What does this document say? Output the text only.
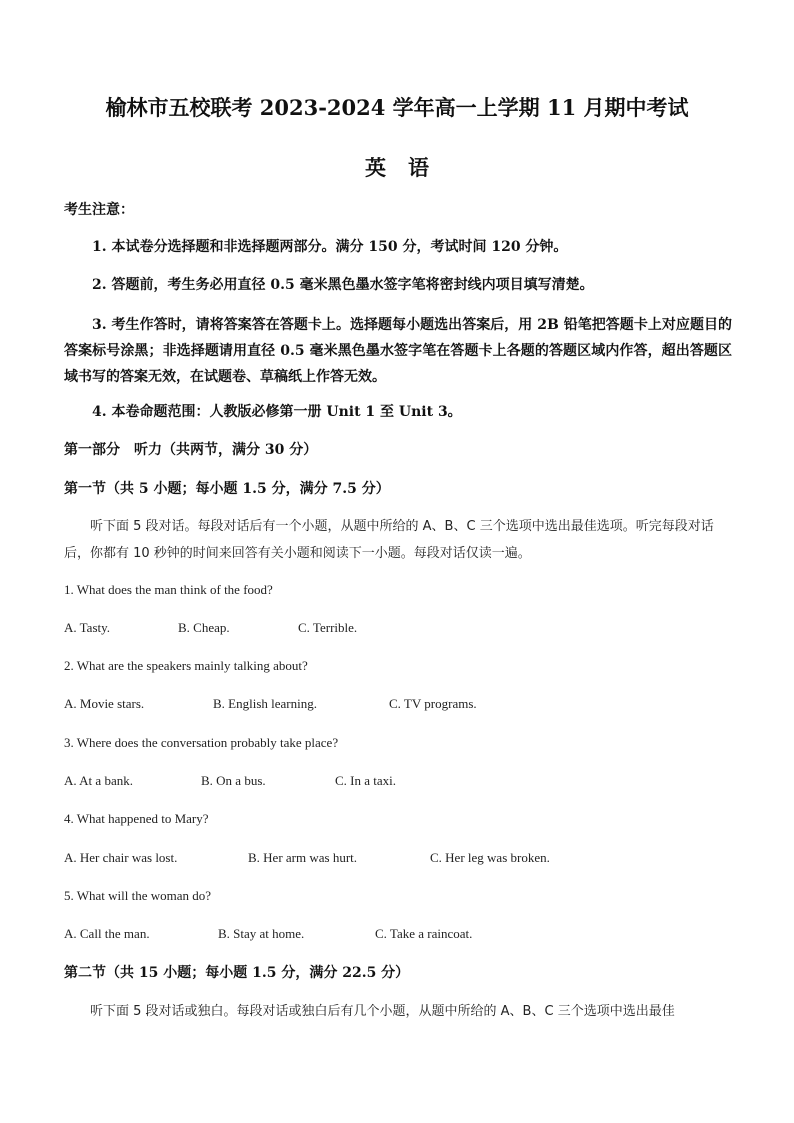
榆林市五校联考 2023-2024 学年高一上学期 11 月期中考试
英语
考生注意：
1. 本试卷分选择题和非选择题两部分。满分 150 分，考试时间 120 分钟。
2. 答题前，考生务必用直径 0.5 毫米黑色墨水签字笔将密封线内项目填写清楚。
3. 考生作答时，请将答案答在答题卡上。选择题每小题选出答案后，用 2B 铅笔把答题卡上对应题目的答案标号涂黑；非选择题请用直径 0.5 毫米黑色墨水签字笔在答题卡上各题的答题区域内作答，超出答题区域书写的答案无效，在试题卷、草稿纸上作答无效。
4. 本卷命题范围：人教版必修第一册 Unit 1 至 Unit 3。
第一部分　听力（共两节，满分 30 分）
第一节（共 5 小题；每小题 1.5 分，满分 7.5 分）
听下面 5 段对话。每段对话后有一个小题，从题中所给的 A、B、C 三个选项中选出最佳选项。听完每段对话后，你都有 10 秒钟的时间来回答有关小题和阅读下一小题。每段对话仅读一遍。
1. What does the man think of the food?
A. Tasty.	B. Cheap.	C. Terrible.
2. What are the speakers mainly talking about?
A. Movie stars.	B. English learning.	C. TV programs.
3. Where does the conversation probably take place?
A. At a bank.	B. On a bus.	C. In a taxi.
4. What happened to Mary?
A. Her chair was lost.	B. Her arm was hurt.	C. Her leg was broken.
5. What will the woman do?
A. Call the man.	B. Stay at home.	C. Take a raincoat.
第二节（共 15 小题；每小题 1.5 分，满分 22.5 分）
听下面 5 段对话或独白。每段对话或独白后有几个小题，从题中所给的 A、B、C 三个选项中选出最佳
